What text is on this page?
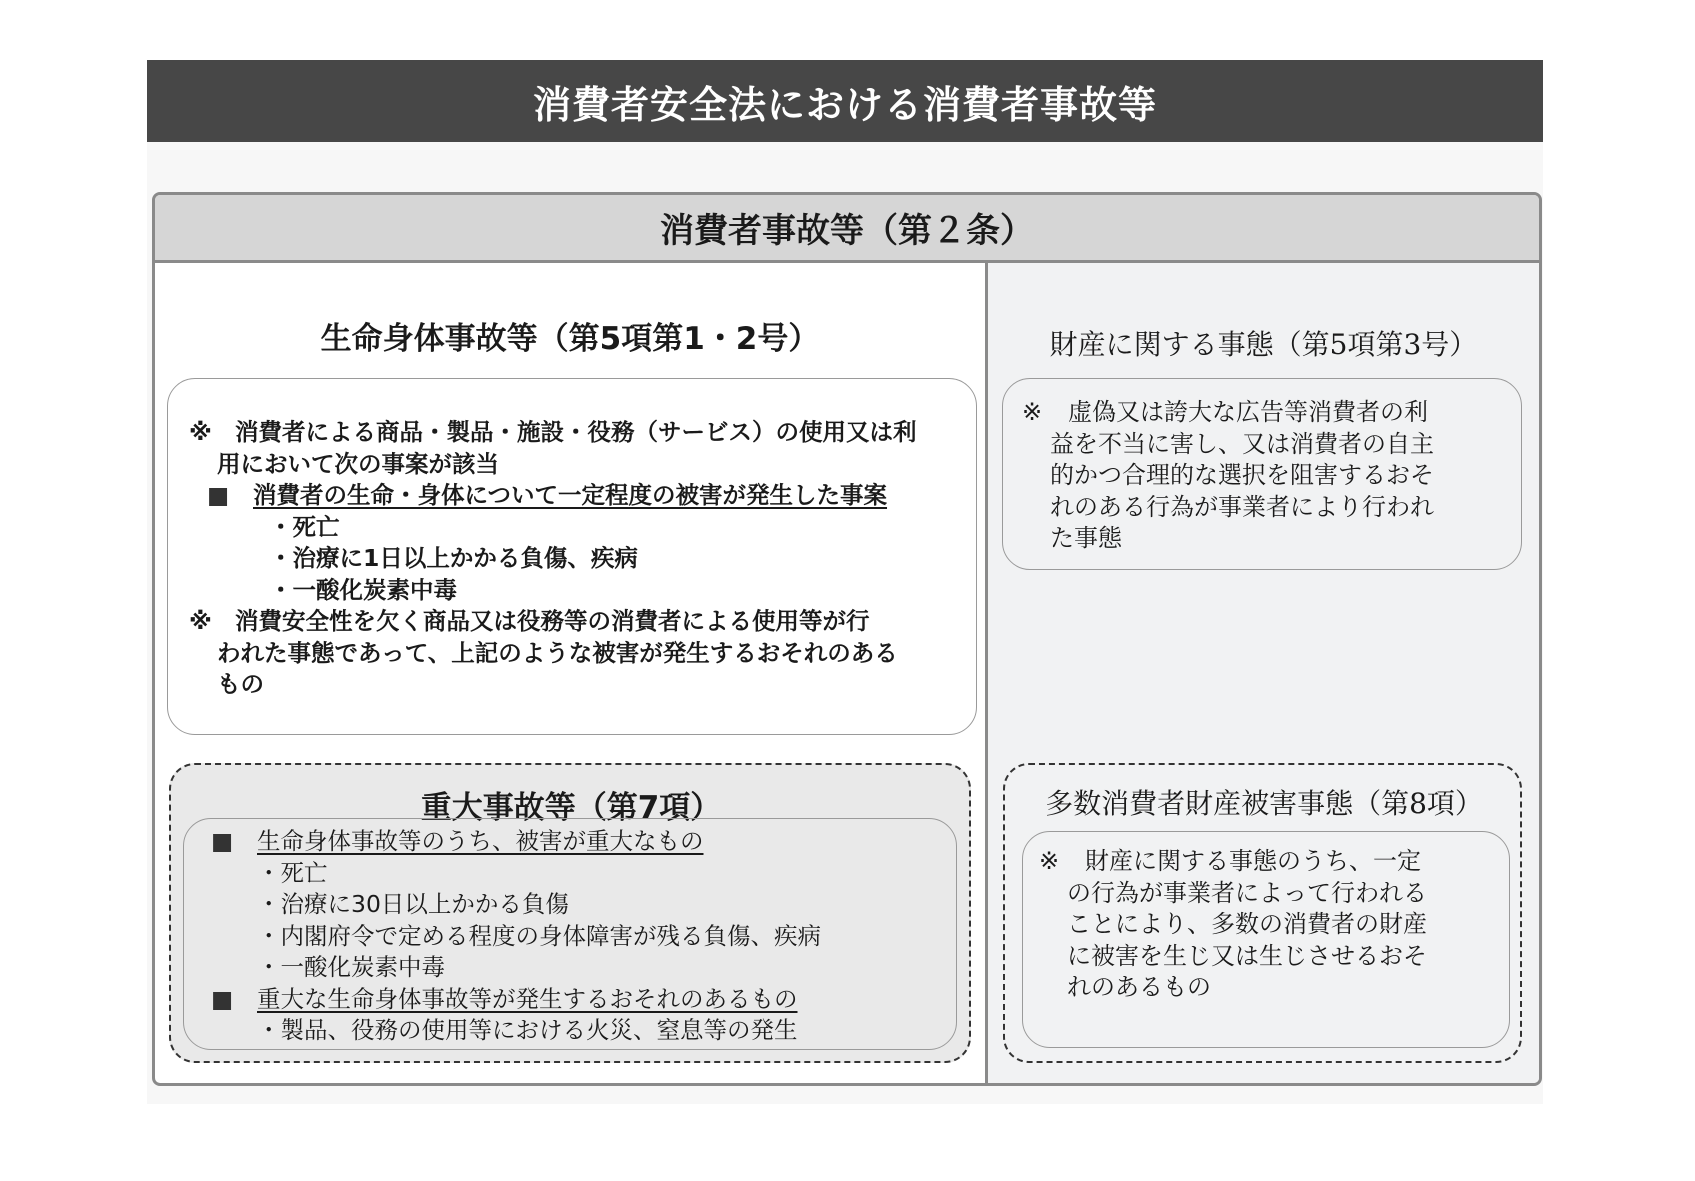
消費者安全法における消費者事故等
消費者事故等（第２条）
生命身体事故等（第5項第1・2号）
※ 消費者による商品・製品・施設・役務（サービス）の使用又は利
用において次の事案が該当
■	消費者の生命・身体について一定程度の被害が発生した事案
・死亡
・治療に1日以上かかる負傷、疾病
・一酸化炭素中毒
※ 消費安全性を欠く商品又は役務等の消費者による使用等が行
われた事態であって、上記のような被害が発生するおそれのある
もの
財産に関する事態（第5項第3号）
※	虚偽又は誇大な広告等消費者の利
益を不当に害し、又は消費者の自主
的かつ合理的な選択を阻害するおそ
れのある行為が事業者により行われ
た事態
重大事故等（第7項）
■	生命身体事故等のうち、被害が重大なもの
・死亡
・治療に30日以上かかる負傷
・内閣府令で定める程度の身体障害が残る負傷、疾病
・一酸化炭素中毒
■	重大な生命身体事故等が発生するおそれのあるもの
・製品、役務の使用等における火災、窒息等の発生
多数消費者財産被害事態（第8項）
※	財産に関する事態のうち、一定
の行為が事業者によって行われる
ことにより、多数の消費者の財産
に被害を生じ又は生じさせるおそ
れのあるもの
